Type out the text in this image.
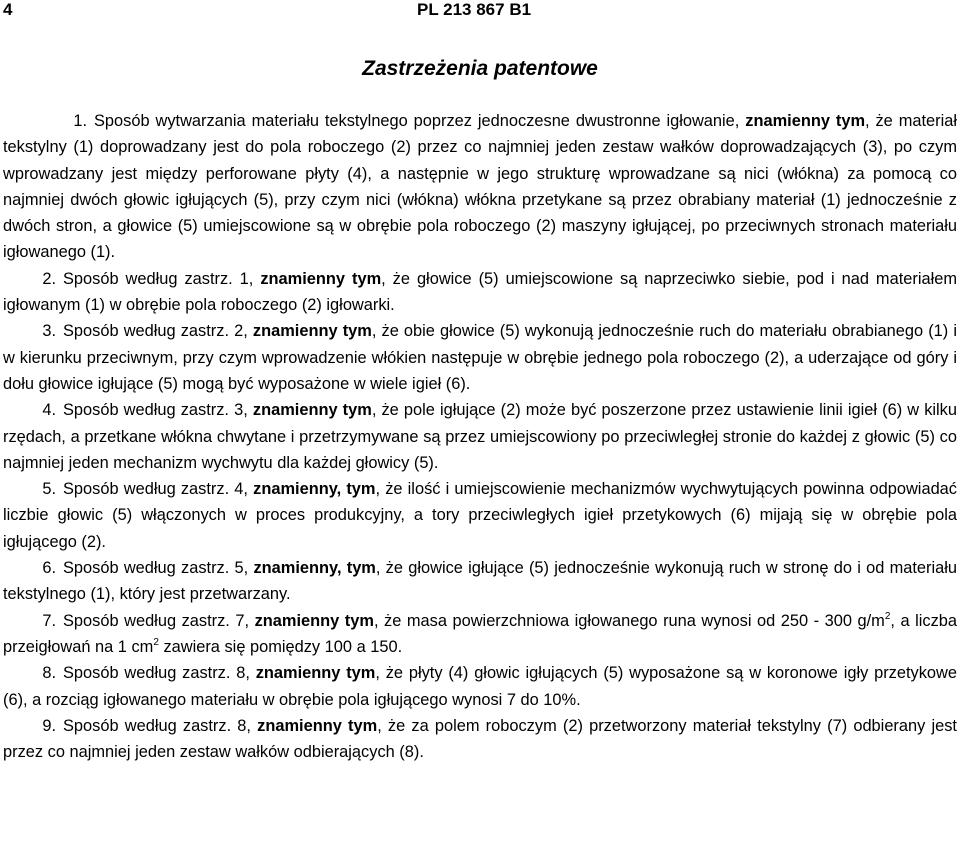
4	PL 213 867 B1
Zastrzeżenia patentowe

1. Sposób wytwarzania materiału tekstylnego poprzez jednoczesne dwustronne igłowanie, znamienny tym, że materiał tekstylny (1) doprowadzany jest do pola roboczego (2) przez co najmniej jeden zestaw wałków doprowadzających (3), po czym wprowadzany jest między perforowane płyty (4), a następnie w jego strukturę wprowadzane są nici (włókna) za pomocą co najmniej dwóch głowic igłujących (5), przy czym nici (włókna) włókna przetykane są przez obrabiany materiał (1) jednocześnie z dwóch stron, a głowice (5) umiejscowione są w obrębie pola roboczego (2) maszyny igłującej, po przeciwnych stronach materiału igłowanego (1).

2. Sposób według zastrz. 1, znamienny tym, że głowice (5) umiejscowione są naprzeciwko siebie, pod i nad materiałem igłowanym (1) w obrębie pola roboczego (2) igłowarki.

3. Sposób według zastrz. 2, znamienny tym, że obie głowice (5) wykonują jednocześnie ruch do materiału obrabianego (1) i w kierunku przeciwnym, przy czym wprowadzenie włókien następuje w obrębie jednego pola roboczego (2), a uderzające od góry i dołu głowice igłujące (5) mogą być wyposażone w wiele igieł (6).

4. Sposób według zastrz. 3, znamienny tym, że pole igłujące (2) może być poszerzone przez ustawienie linii igieł (6) w kilku rzędach, a przetkane włókna chwytane i przetrzymywane są przez umiejscowiony po przeciwległej stronie do każdej z głowic (5) co najmniej jeden mechanizm wychwytu dla każdej głowicy (5).

5. Sposób według zastrz. 4, znamienny, tym, że ilość i umiejscowienie mechanizmów wychwytujących powinna odpowiadać liczbie głowic (5) włączonych w proces produkcyjny, a tory przeciwległych igieł przetykowych (6) mijają się w obrębie pola igłującego (2).

6. Sposób według zastrz. 5, znamienny, tym, że głowice igłujące (5) jednocześnie wykonują ruch w stronę do i od materiału tekstylnego (1), który jest przetwarzany.

7. Sposób według zastrz. 7, znamienny tym, że masa powierzchniowa igłowanego runa wynosi od 250 - 300 $g/m^2$, a liczba przeigłowań na 1 $cm^2$ zawiera się pomiędzy 100 a 150.

8. Sposób według zastrz. 8, znamienny tym, że płyty (4) głowic igłujących (5) wyposażone są w koronowe igły przetykowe (6), a rozciąg igłowanego materiału w obrębie pola igłującego wynosi 7 do 10%.

9. Sposób według zastrz. 8, znamienny tym, że za polem roboczym (2) przetworzony materiał tekstylny (7) odbierany jest przez co najmniej jeden zestaw wałków odbierających (8).
